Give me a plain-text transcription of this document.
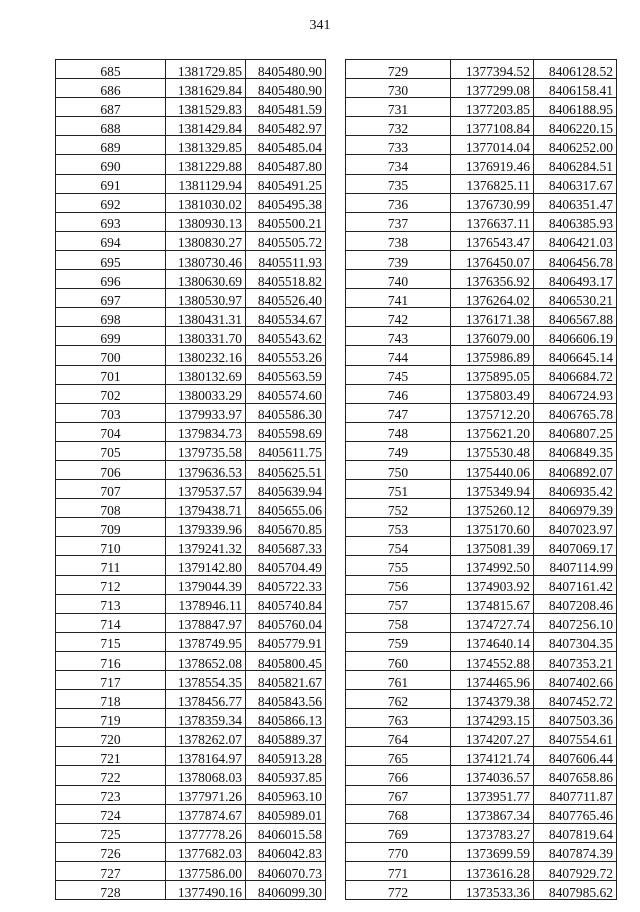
341
685	1381729.85	8405480.90
686	1381629.84	8405480.90
687	1381529.83	8405481.59
688	1381429.84	8405482.97
689	1381329.85	8405485.04
690	1381229.88	8405487.80
691	1381129.94	8405491.25
692	1381030.02	8405495.38
693	1380930.13	8405500.21
694	1380830.27	8405505.72
695	1380730.46	8405511.93
696	1380630.69	8405518.82
697	1380530.97	8405526.40
698	1380431.31	8405534.67
699	1380331.70	8405543.62
700	1380232.16	8405553.26
701	1380132.69	8405563.59
702	1380033.29	8405574.60
703	1379933.97	8405586.30
704	1379834.73	8405598.69
705	1379735.58	8405611.75
706	1379636.53	8405625.51
707	1379537.57	8405639.94
708	1379438.71	8405655.06
709	1379339.96	8405670.85
710	1379241.32	8405687.33
711	1379142.80	8405704.49
712	1379044.39	8405722.33
713	1378946.11	8405740.84
714	1378847.97	8405760.04
715	1378749.95	8405779.91
716	1378652.08	8405800.45
717	1378554.35	8405821.67
718	1378456.77	8405843.56
719	1378359.34	8405866.13
720	1378262.07	8405889.37
721	1378164.97	8405913.28
722	1378068.03	8405937.85
723	1377971.26	8405963.10
724	1377874.67	8405989.01
725	1377778.26	8406015.58
726	1377682.03	8406042.83
727	1377586.00	8406070.73
728	1377490.16	8406099.30
729	1377394.52	8406128.52
730	1377299.08	8406158.41
731	1377203.85	8406188.95
732	1377108.84	8406220.15
733	1377014.04	8406252.00
734	1376919.46	8406284.51
735	1376825.11	8406317.67
736	1376730.99	8406351.47
737	1376637.11	8406385.93
738	1376543.47	8406421.03
739	1376450.07	8406456.78
740	1376356.92	8406493.17
741	1376264.02	8406530.21
742	1376171.38	8406567.88
743	1376079.00	8406606.19
744	1375986.89	8406645.14
745	1375895.05	8406684.72
746	1375803.49	8406724.93
747	1375712.20	8406765.78
748	1375621.20	8406807.25
749	1375530.48	8406849.35
750	1375440.06	8406892.07
751	1375349.94	8406935.42
752	1375260.12	8406979.39
753	1375170.60	8407023.97
754	1375081.39	8407069.17
755	1374992.50	8407114.99
756	1374903.92	8407161.42
757	1374815.67	8407208.46
758	1374727.74	8407256.10
759	1374640.14	8407304.35
760	1374552.88	8407353.21
761	1374465.96	8407402.66
762	1374379.38	8407452.72
763	1374293.15	8407503.36
764	1374207.27	8407554.61
765	1374121.74	8407606.44
766	1374036.57	8407658.86
767	1373951.77	8407711.87
768	1373867.34	8407765.46
769	1373783.27	8407819.64
770	1373699.59	8407874.39
771	1373616.28	8407929.72
772	1373533.36	8407985.62
